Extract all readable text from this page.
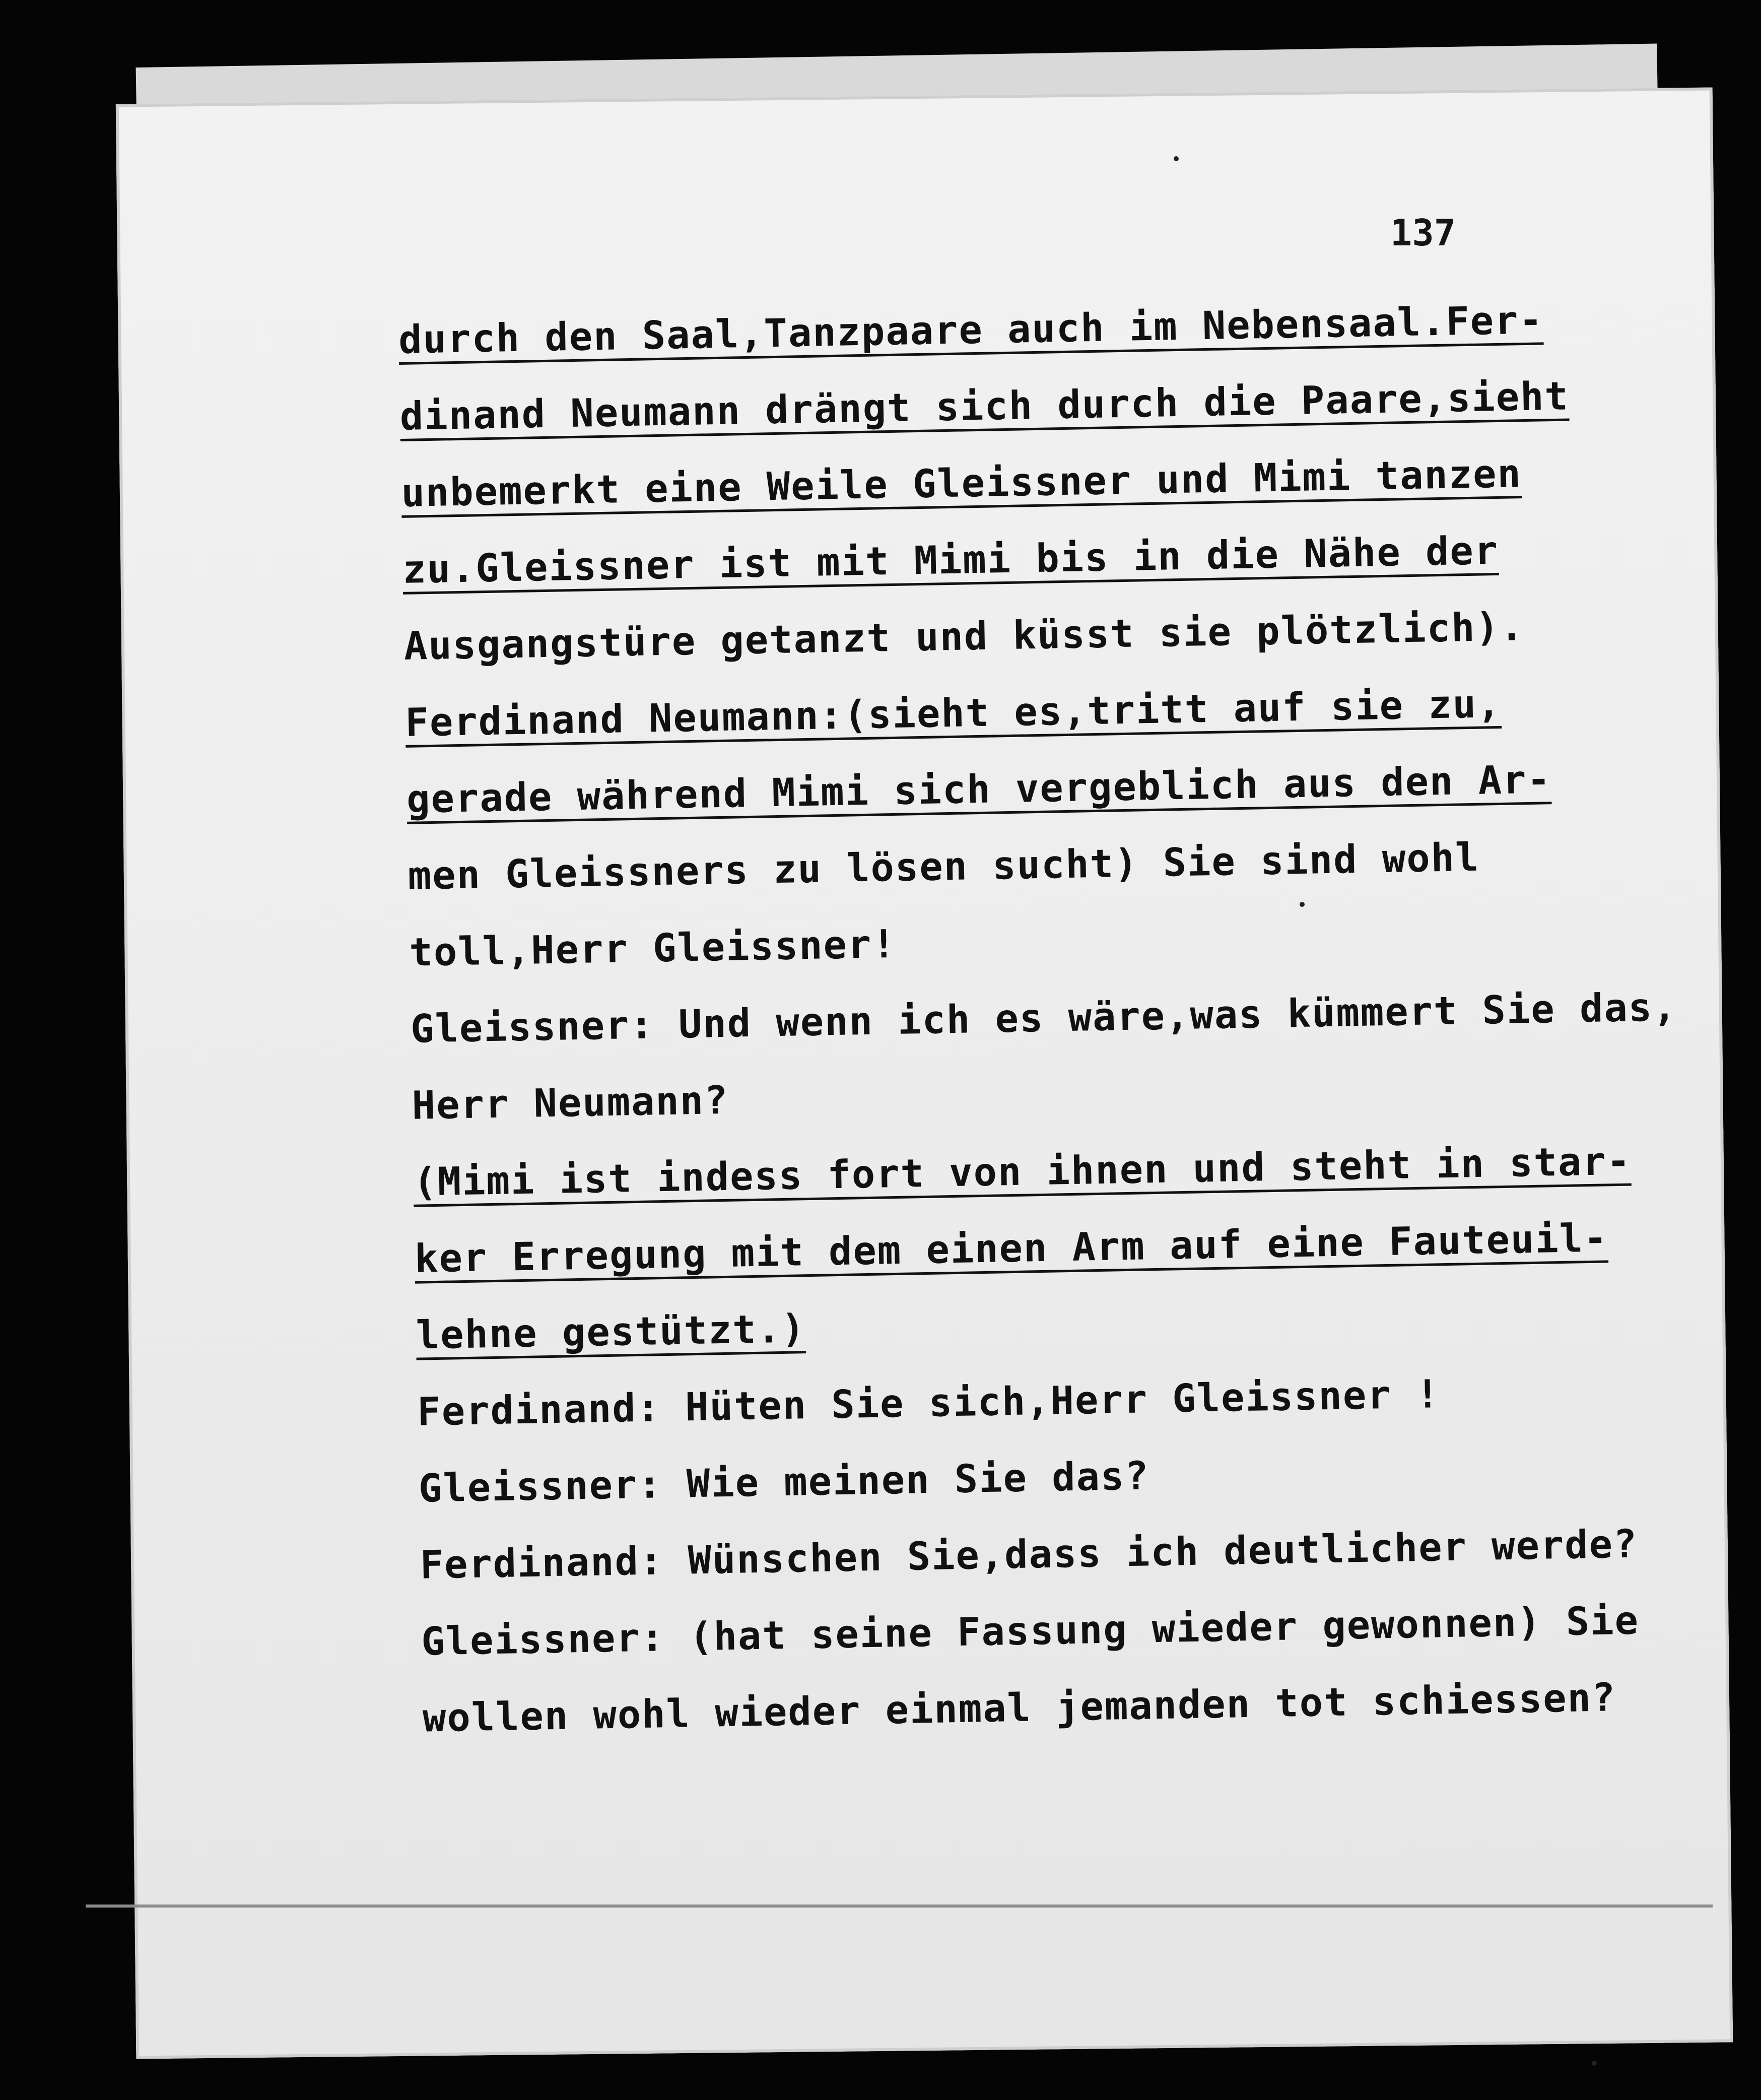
137
durch den Saal,Tanzpaare auch im Nebensaal.Fer-
dinand Neumann drängt sich durch die Paare,sieht
unbemerkt eine Weile Gleissner und Mimi tanzen
zu.Gleissner ist mit Mimi bis in die Nähe der
Ausgangstüre getanzt und küsst sie plötzlich).
Ferdinand Neumann:(sieht es,tritt auf sie zu,
gerade während Mimi sich vergeblich aus den Ar-
men Gleissners zu lösen sucht) Sie sind wohl
toll,Herr Gleissner!
Gleissner: Und wenn ich es wäre,was kümmert Sie das,
Herr Neumann?
(Mimi ist indess fort von ihnen und steht in star-
ker Erregung mit dem einen Arm auf eine Fauteuil-
lehne gestützt.)
Ferdinand: Hüten Sie sich,Herr Gleissner !
Gleissner: Wie meinen Sie das?
Ferdinand: Wünschen Sie,dass ich deutlicher werde?
Gleissner: (hat seine Fassung wieder gewonnen) Sie
wollen wohl wieder einmal jemanden tot schiessen?
